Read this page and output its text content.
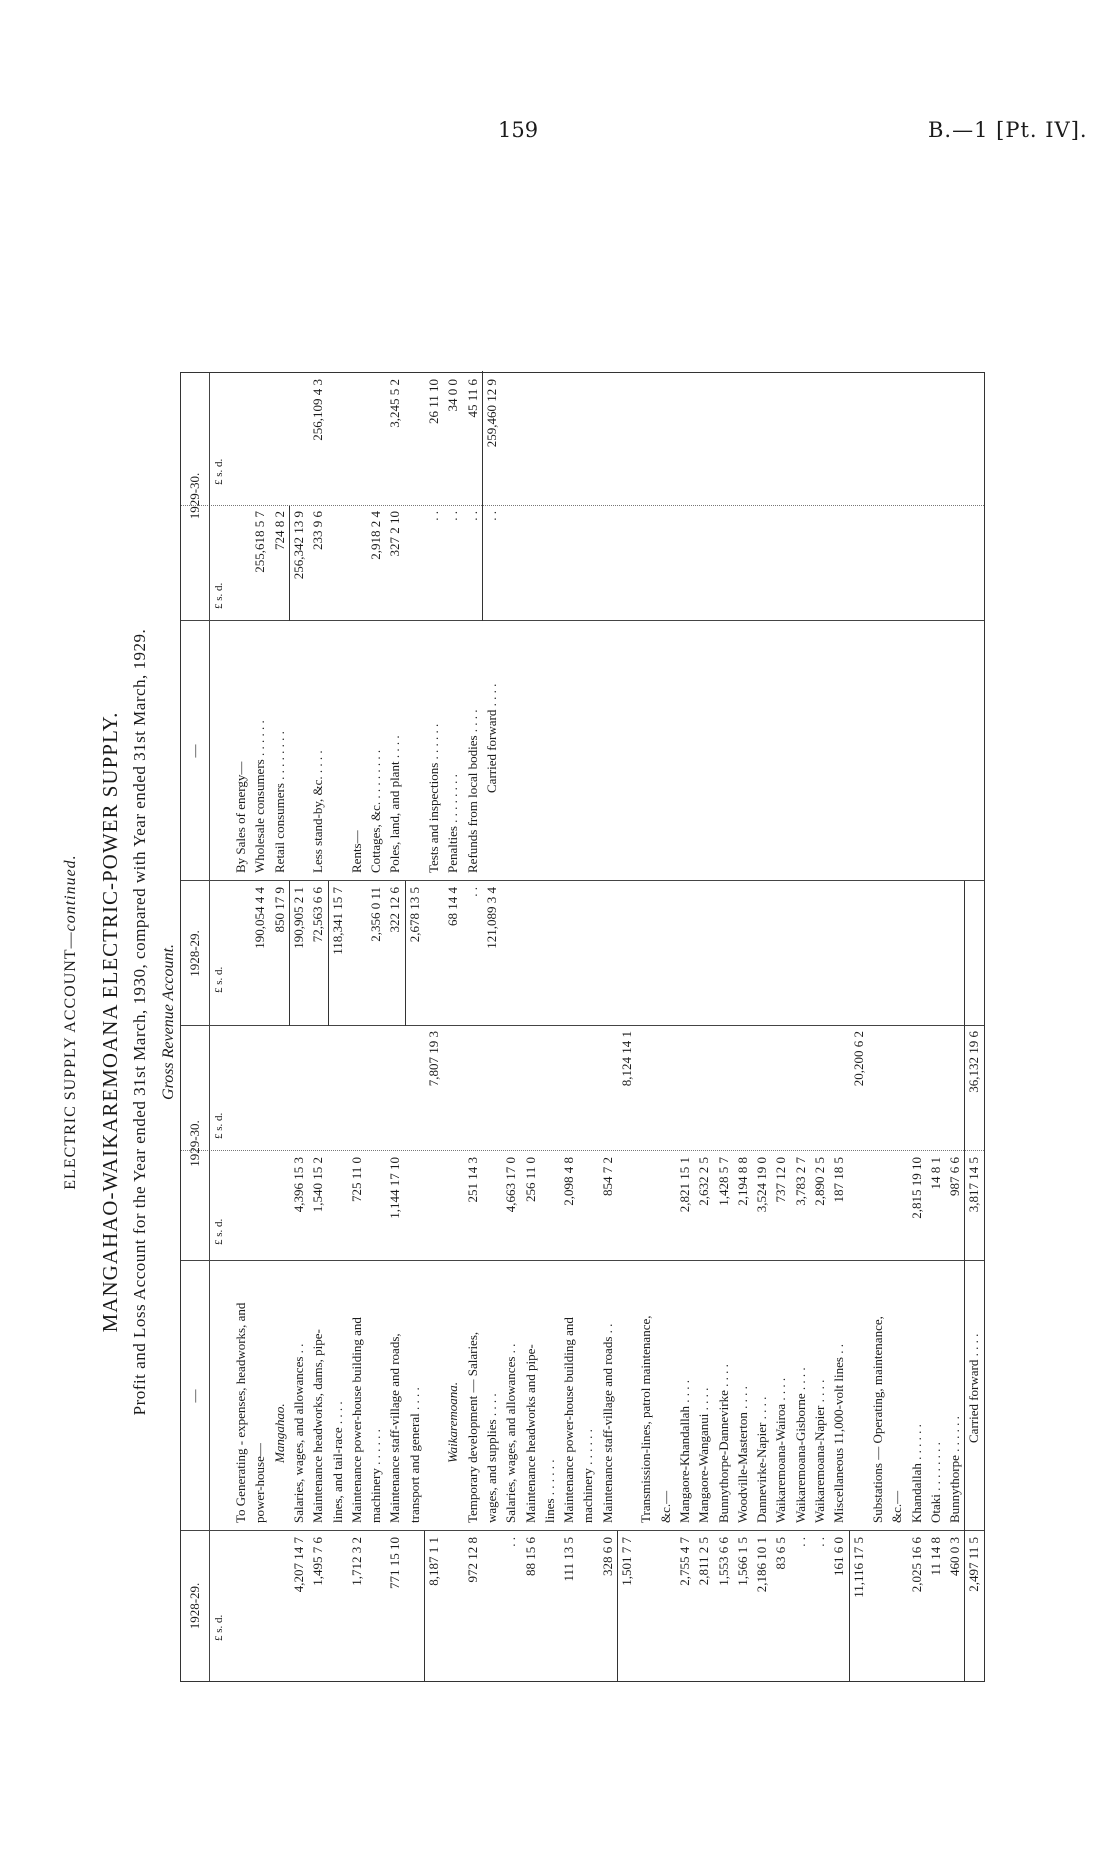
159	B.—1 [Pt. IV].
ELECTRIC SUPPLY ACCOUNT—continued. MANGAHAO-WAIKAREMOANA ELECTRIC-POWER SUPPLY. Profit and Loss Account for the Year ended 31st March, 1930, compared with Year ended 31st March, 1929. Gross Revenue Account.
1928-29.
—
1929-30.
1928-29.
—
1929-30.
£ s. d.
£ s. d.
£ s. d.
£ s. d.
£ s. d.
£ s. d.
To Generating - expenses, headworks, and power-house—
Mangahao. Salaries, wages, and allowances . .
4,207 14 7
4,396 15 3
Maintenance headworks, dams, pipe-
1,495 7 6
1,540 15 2
lines, and tail-race . . . . Maintenance power-house building and
1,712 3 2
725 11 0
machinery . . . . . . Maintenance staff-village and roads,
771 15 10
1,144 17 10
transport and general . . . .
8,187 1 1
7,807 19 3
Waikaremoana. Temporary development — Salaries,
972 12 8
251 14 3
wages, and supplies . . . . Salaries, wages, and allowances . .
. .
4,663 17 0
Maintenance headworks and pipe-
88 15 6
256 11 0
lines . . . . . . Maintenance power-house building and
111 13 5
2,098 4 8
machinery . . . . . . Maintenance staff-village and roads . .
328 6 0
854 7 2
1,501 7 7
8,124 14 1
Transmission-lines, patrol maintenance, &c.— Mangaore-Khandallah . . . .
2,755 4 7
2,821 15 1
Mangaore-Wanganui . . . .
2,811 2 5
2,632 2 5
Bunnythorpe-Dannevirke . . . .
1,553 6 6
1,428 5 7
Woodville-Masterton . . . .
1,566 1 5
2,194 8 8
Dannevirke-Napier . . . .
2,186 10 1
3,524 19 0
Waikaremoana-Wairoa . . . .
83 6 5
737 12 0
Waikaremoana-Gisborne . . . .
. .
3,783 2 7
Waikaremoana-Napier . . . .
. .
2,890 2 5
Miscellaneous 11,000-volt lines . .
161 6 0
187 18 5
11,116 17 5
20,200 6 2
Substations — Operating, maintenance, &c.— Khandallah . . . . . .
2,025 16 6
2,815 19 10
Otaki . . . . . . . .
11 14 8
14 8 1
Bunnythorpe . . . . . .
460 0 3
987 6 6
Carried forward . . . .
2,497 11 5
3,817 14 5
36,132 19 6
By Sales of energy— Wholesale consumers . . . . . .
190,054 4 4
255,618 5 7
Retail consumers . . . . . . . .
850 17 9
724 8 2
190,905 2 1
256,342 13 9
Less stand-by, &c. . . . .
72,563 6 6
233 9 6
256,109 4 3
118,341 15 7
Rents— Cottages, &c. . . . . . . . .
2,356 0 11
2,918 2 4
Poles, land, and plant . . . .
322 12 6
327 2 10
3,245 5 2
2,678 13 5
Tests and inspections . . . . . .
. .
26 11 10
Penalties . . . . . . . .
68 14 4
. .
34 0 0
Refunds from local bodies . . . .
. .
. .
45 11 6
Carried forward . . . .
121,089 3 4
. .
259,460 12 9
